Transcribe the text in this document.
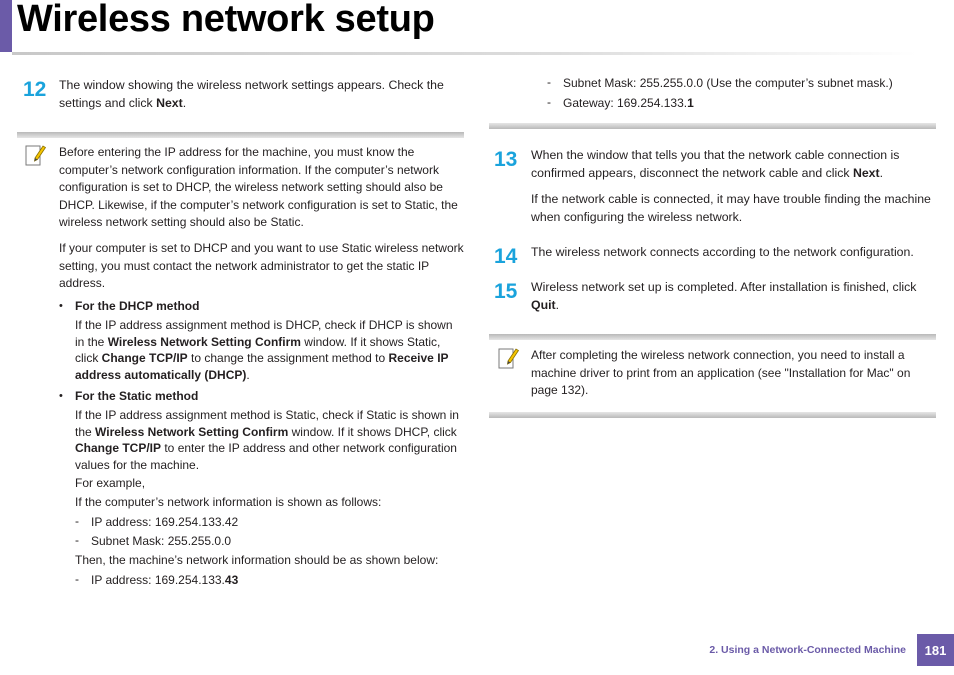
Wireless network setup
12 The window showing the wireless network settings appears. Check the settings and click Next.

Before entering the IP address for the machine, you must know the computer’s network configuration information. If the computer’s network configuration is set to DHCP, the wireless network setting should also be DHCP. Likewise, if the computer’s network configuration is set to Static, the wireless network setting should also be Static.

If your computer is set to DHCP and you want to use Static wireless network setting, you must contact the network administrator to get the static IP address.

• For the DHCP method

If the IP address assignment method is DHCP, check if DHCP is shown in the Wireless Network Setting Confirm window. If it shows Static, click Change TCP/IP to change the assignment method to Receive IP address automatically (DHCP).

• For the Static method

If the IP address assignment method is Static, check if Static is shown in the Wireless Network Setting Confirm window. If it shows DHCP, click Change TCP/IP to enter the IP address and other network configuration values for the machine.

For example,

If the computer’s network information is shown as follows:

- IP address: 169.254.133.42

- Subnet Mask: 255.255.0.0

Then, the machine’s network information should be as shown below:

- IP address: 169.254.133.43

- Subnet Mask: 255.255.0.0 (Use the computer’s subnet mask.)

- Gateway: 169.254.133.1

13 When the window that tells you that the network cable connection is confirmed appears, disconnect the network cable and click Next.

If the network cable is connected, it may have trouble finding the machine when configuring the wireless network.

14 The wireless network connects according to the network configuration.

15 Wireless network set up is completed. After installation is finished, click Quit.

After completing the wireless network connection, you need to install a machine driver to print from an application (see "Installation for Mac" on page 132).

2. Using a Network-Connected Machine	181
